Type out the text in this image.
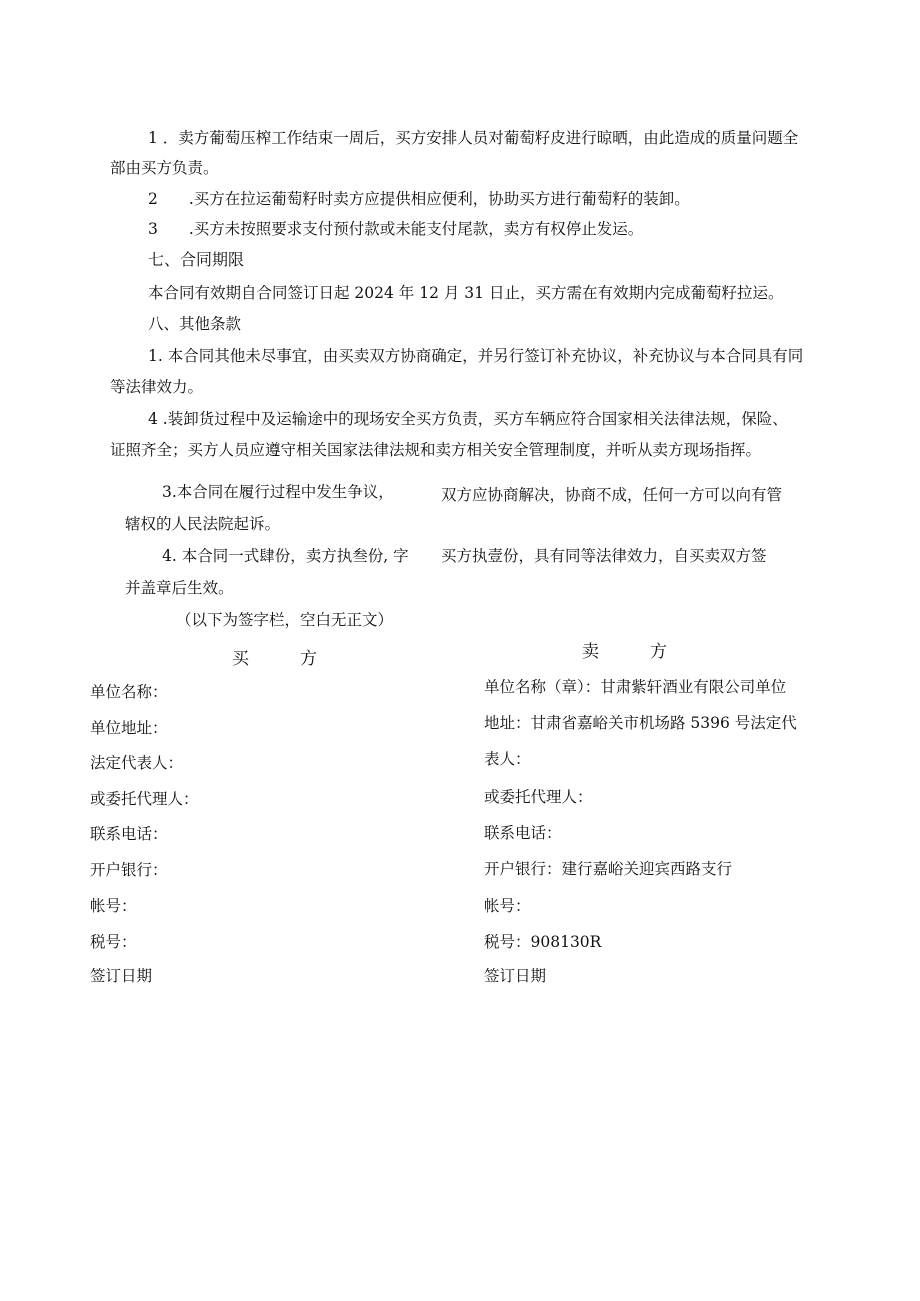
1 ．卖方葡萄压榨工作结束一周后，买方安排人员对葡萄籽皮进行晾晒，由此造成的质量问题全
部由买方负责。
2　　.买方在拉运葡萄籽时卖方应提供相应便利，协助买方进行葡萄籽的装卸。
3　　.买方未按照要求支付预付款或未能支付尾款，卖方有权停止发运。
七、合同期限
本合同有效期自合同签订日起 2024 年 12 月 31 日止，买方需在有效期内完成葡萄籽拉运。
八、其他条款
1. 本合同其他未尽事宜，由买卖双方协商确定，并另行签订补充协议，补充协议与本合同具有同
等法律效力。
4 .装卸货过程中及运输途中的现场安全买方负责，买方车辆应符合国家相关法律法规，保险、
证照齐全；买方人员应遵守相关国家法律法规和卖方相关安全管理制度，并听从卖方现场指挥。
3.本合同在履行过程中发生争议，	双方应协商解决，协商不成，任何一方可以向有管
辖权的人民法院起诉。
4. 本合同一式肆份，卖方执叁份, 字 买方执壹份，具有同等法律效力，自买卖双方签
并盖章后生效。
（以下为签字栏，空白无正文）
买　　　方
单位名称：
单位地址：
法定代表人：
或委托代理人：
联系电话：
开户银行：
帐号：
税号：
签订日期
卖　　　方
单位名称（章）：甘肃紫轩酒业有限公司单位
地址：甘肃省嘉峪关市机场路 5396 号法定代
表人：
或委托代理人：
联系电话：
开户银行：建行嘉峪关迎宾西路支行
帐号：
税号：908130R
签订日期
